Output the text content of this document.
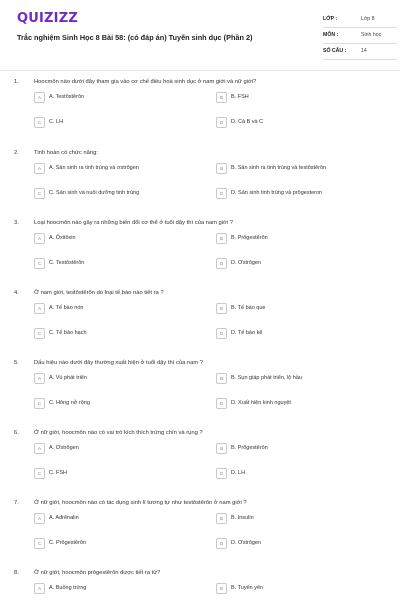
QUIZIZZ
Trắc nghiệm Sinh Học 8 Bài 58: (có đáp án) Tuyến sinh dục (Phần 2)
LỚP :	Lớp 8
MÔN :	Sinh học
SỐ CÂU :	14
1.	Hoocmôn nào dưới đây tham gia vào cơ chế điều hoà sinh dục ở nam giới và nữ giới?
A	A. Testôstêrôn	B	B. FSH
C	C. LH	D	D. Cả B và C
2.	Tinh hoàn có chức năng:
A	A. Sản sinh ra tinh trùng và ơstrôgen	B	B. Sản sinh ra tinh trùng và testôstêrôn
C	C. Sản sinh và nuôi dưỡng tinh trùng	D	D. Sản sinh tinh trùng và prôgesteron
3.	Loại hoocmôn nào gây ra những biến đổi cơ thể ở tuổi dậy thì của nam giới ?
A	A. Ôxitôxin	B	B. Prôgestêrôn
C	C. Testôstêrôn	D	D. Ơstrôgen
4.	Ở nam giới, testôstêrôn do loại tế bào nào tiết ra ?
A	A. Tế bào nón	B	B. Tế bào que
C	C. Tế bào hạch	D	D. Tế bào kẽ
5.	Dấu hiệu nào dưới đây thường xuất hiện ở tuổi dậy thì của nam ?
A	A. Vú phát triển	B	B. Sụn giáp phát triển, lộ hầu
C	C. Hông nở rộng	D	D. Xuất hiện kinh nguyệt
6.	Ở nữ giới, hoocmôn nào có vai trò kích thích trứng chín và rụng ?
A	A. Ơstrôgen	B	B. Prôgestêrôn
C	C. FSH	D	D. LH
7.	Ở nữ giới, hoocmôn nào có tác dụng sinh lí tương tự như testôstêrôn ở nam giới ?
A	A. Ađrênalin	B	B. Insulin
C	C. Prôgestêrôn	D	D. Ơstrôgen
8.	Ở nữ giới, hoocmôn prôgestêrôn được tiết ra từ?
A	A. Buồng trứng	B	B. Tuyến yên
